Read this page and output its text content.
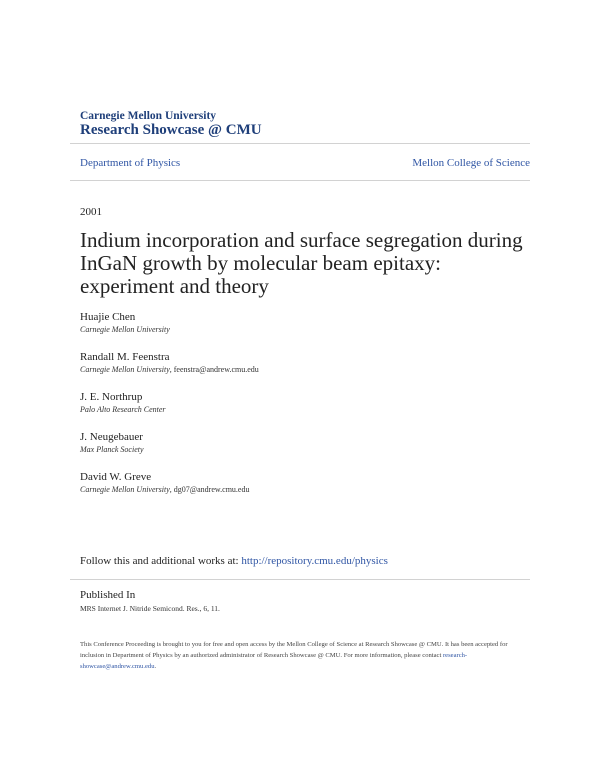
Carnegie Mellon University
Research Showcase @ CMU
Department of Physics	Mellon College of Science
2001
Indium incorporation and surface segregation during InGaN growth by molecular beam epitaxy: experiment and theory
Huajie Chen
Carnegie Mellon University
Randall M. Feenstra
Carnegie Mellon University, feenstra@andrew.cmu.edu
J. E. Northrup
Palo Alto Research Center
J. Neugebauer
Max Planck Society
David W. Greve
Carnegie Mellon University, dg07@andrew.cmu.edu
Follow this and additional works at: http://repository.cmu.edu/physics
Published In
MRS Internet J. Nitride Semicond. Res., 6, 11.
This Conference Proceeding is brought to you for free and open access by the Mellon College of Science at Research Showcase @ CMU. It has been accepted for inclusion in Department of Physics by an authorized administrator of Research Showcase @ CMU. For more information, please contact research-showcase@andrew.cmu.edu.
